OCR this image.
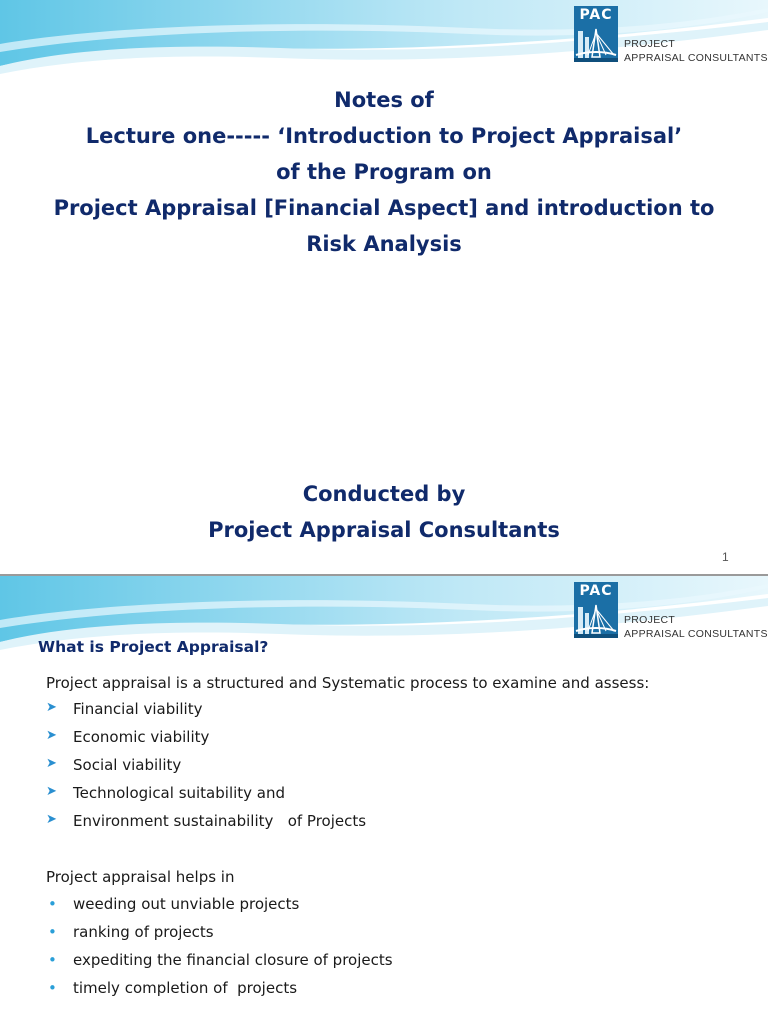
PAC
PROJECT
APPRAISAL CONSULTANTS
Notes of
Lecture one----- ‘Introduction to Project Appraisal’
of the Program on
Project Appraisal [Financial Aspect] and introduction to
Risk Analysis
Conducted by
Project Appraisal Consultants
1
PAC
PROJECT
APPRAISAL CONSULTANTS
What is Project Appraisal?
Project appraisal is a structured and Systematic process to examine and assess:

➤

	Financial viability

➤

	Economic viability

➤

	Social viability

➤

	Technological suitability and

➤

	Environment sustainability   of Projects

Project appraisal helps in

•

	weeding out unviable projects

•

	ranking of projects

•

	expediting the financial closure of projects

•

	timely completion of  projects
